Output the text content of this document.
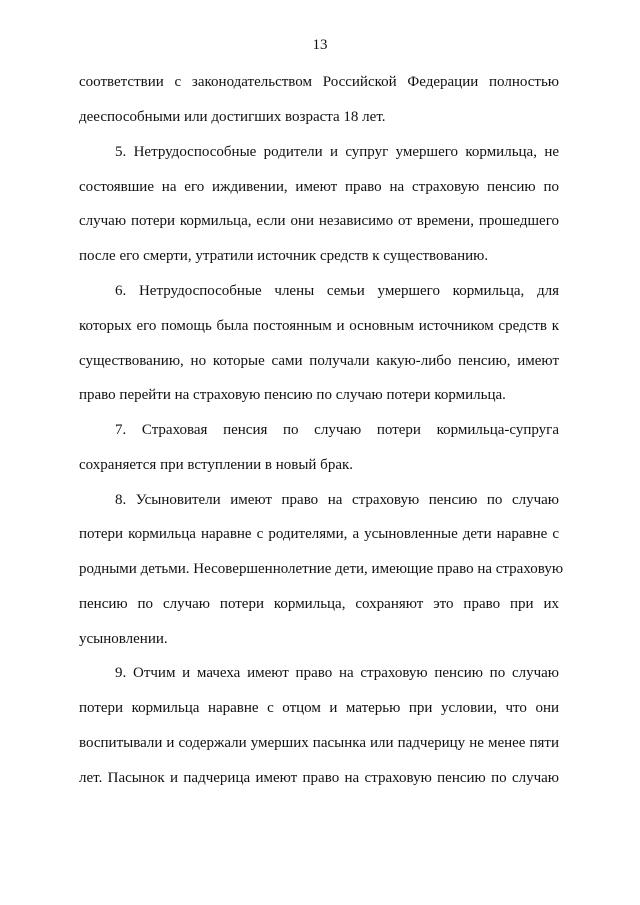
13
соответствии с законодательством Российской Федерации полностью
дееспособными или достигших возраста 18 лет.
5. Нетрудоспособные родители и супруг умершего кормильца, не
состоявшие на его иждивении, имеют право на страховую пенсию по
случаю потери кормильца, если они независимо от времени, прошедшего
после его смерти, утратили источник средств к существованию.
6. Нетрудоспособные члены семьи умершего кормильца, для
которых его помощь была постоянным и основным источником средств к
существованию, но которые сами получали какую-либо пенсию, имеют
право перейти на страховую пенсию по случаю потери кормильца.
7. Страховая пенсия по случаю потери кормильца-супруга
сохраняется при вступлении в новый брак.
8. Усыновители имеют право на страховую пенсию по случаю
потери кормильца наравне с родителями, а усыновленные дети наравне с
родными детьми. Несовершеннолетние дети, имеющие право на страховую
пенсию по случаю потери кормильца, сохраняют это право при их
усыновлении.
9. Отчим и мачеха имеют право на страховую пенсию по случаю
потери кормильца наравне с отцом и матерью при условии, что они
воспитывали и содержали умерших пасынка или падчерицу не менее пяти
лет. Пасынок и падчерица имеют право на страховую пенсию по случаю
